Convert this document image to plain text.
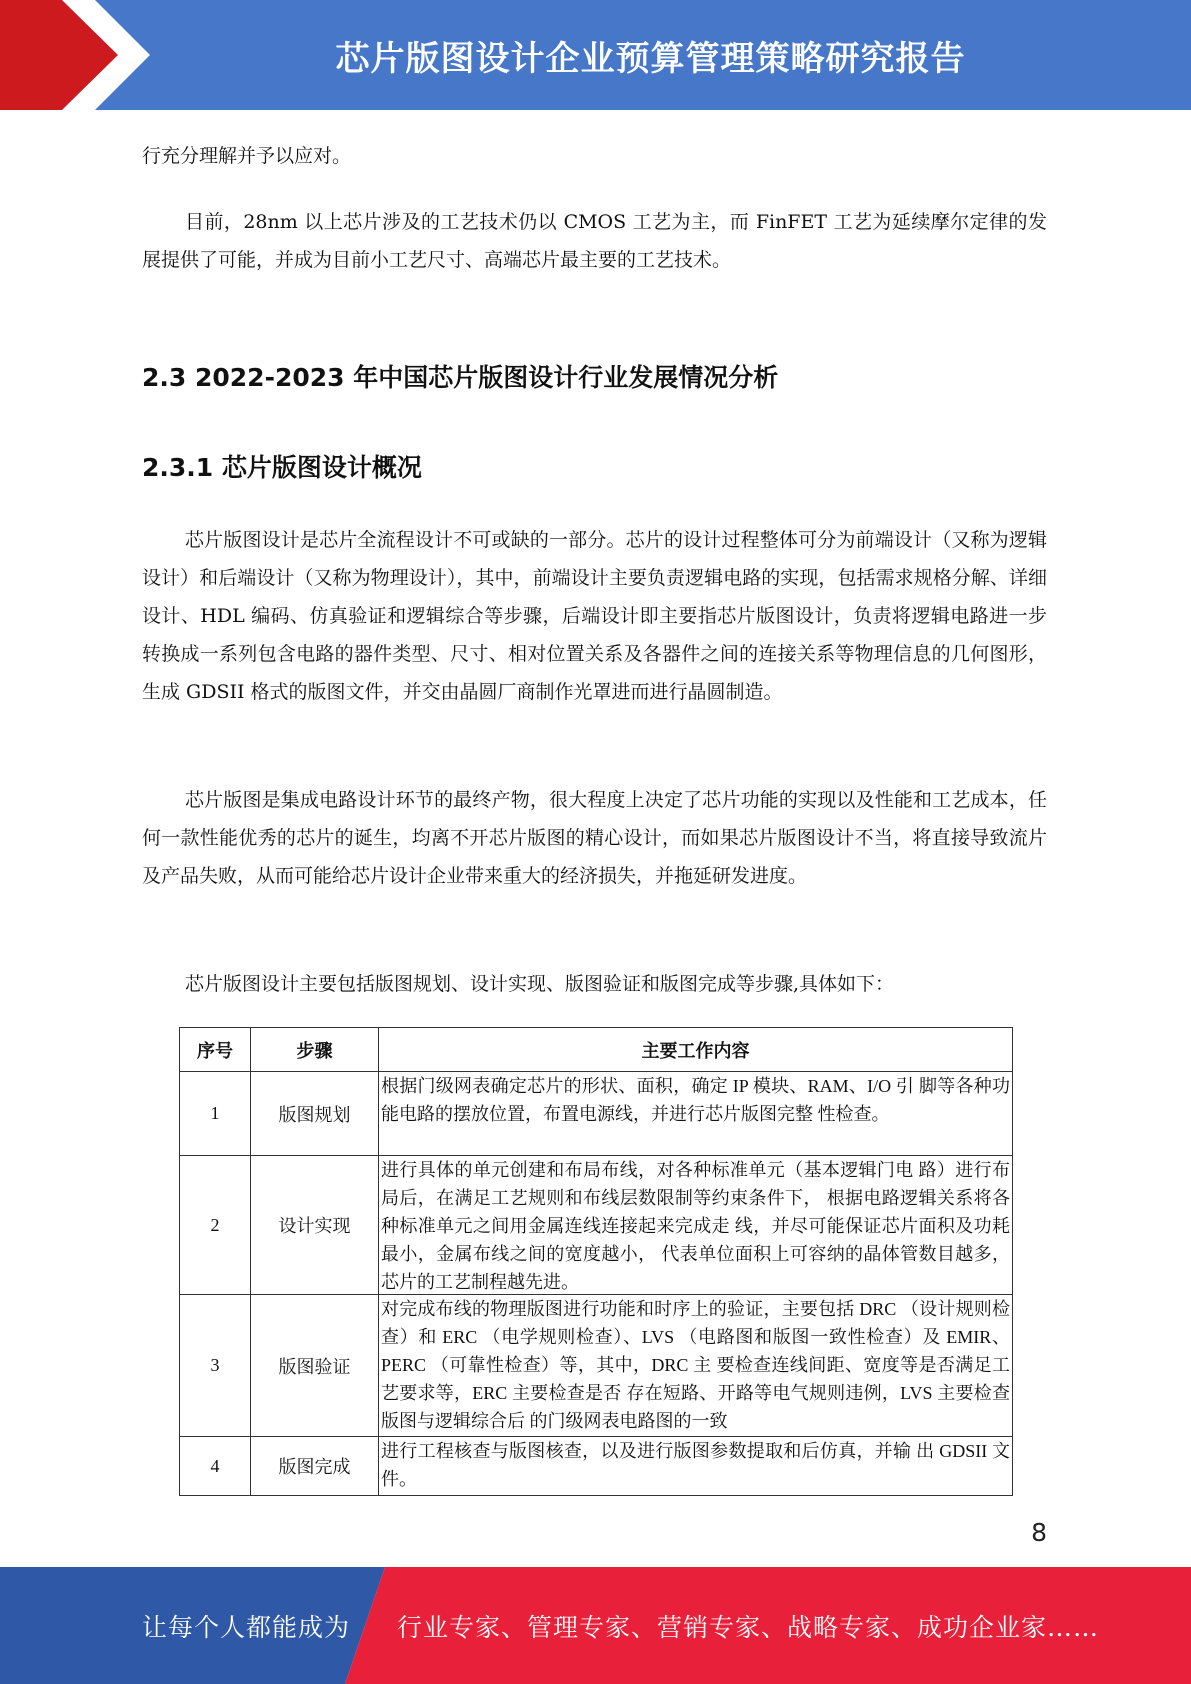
芯片版图设计企业预算管理策略研究报告

行充分理解并予以应对。

目前，28nm 以上芯片涉及的工艺技术仍以 CMOS 工艺为主，而 FinFET 工艺为延续摩尔定律的发展提供了可能，并成为目前小工艺尺寸、高端芯片最主要的工艺技术。

2.3 2022-2023 年中国芯片版图设计行业发展情况分析
2.3.1 芯片版图设计概况

芯片版图设计是芯片全流程设计不可或缺的一部分。芯片的设计过程整体可分为前端设计（又称为逻辑设计）和后端设计（又称为物理设计），其中，前端设计主要负责逻辑电路的实现，包括需求规格分解、详细设计、HDL 编码、仿真验证和逻辑综合等步骤，后端设计即主要指芯片版图设计，负责将逻辑电路进一步转换成一系列包含电路的器件类型、尺寸、相对位置关系及各器件之间的连接关系等物理信息的几何图形，生成 GDSII 格式的版图文件，并交由晶圆厂商制作光罩进而进行晶圆制造。

芯片版图是集成电路设计环节的最终产物，很大程度上决定了芯片功能的实现以及性能和工艺成本，任何一款性能优秀的芯片的诞生，均离不开芯片版图的精心设计，而如果芯片版图设计不当，将直接导致流片及产品失败，从而可能给芯片设计企业带来重大的经济损失，并拖延研发进度。

芯片版图设计主要包括版图规划、设计实现、版图验证和版图完成等步骤,具体如下：

序号	步骤	主要工作内容
1	版图规划	根据门级网表确定芯片的形状、面积，确定 IP 模块、RAM、I/O 引 脚等各种功能电路的摆放位置，布置电源线，并进行芯片版图完整 性检查。

2	设计实现	进行具体的单元创建和布局布线，对各种标准单元（基本逻辑门电 路）进行布局后，在满足工艺规则和布线层数限制等约束条件下， 根据电路逻辑关系将各种标准单元之间用金属连线连接起来完成走 线，并尽可能保证芯片面积及功耗最小，金属布线之间的宽度越小， 代表单位面积上可容纳的晶体管数目越多，芯片的工艺制程越先进。

3	版图验证	对完成布线的物理版图进行功能和时序上的验证，主要包括 DRC （设计规则检查）和 ERC （电学规则检查）、LVS （电路图和版图一致性检查）及 EMIR、PERC （可靠性检查）等，其中，DRC 主 要检查连线间距、宽度等是否满足工艺要求等，ERC 主要检查是否 存在短路、开路等电气规则违例，LVS 主要检查版图与逻辑综合后 的门级网表电路图的一致

4	版图完成	进行工程核查与版图核查，以及进行版图参数提取和后仿真，并输 出 GDSII 文件。
8
让每个人都能成为 行业专家、管理专家、营销专家、战略专家、成功企业家……
